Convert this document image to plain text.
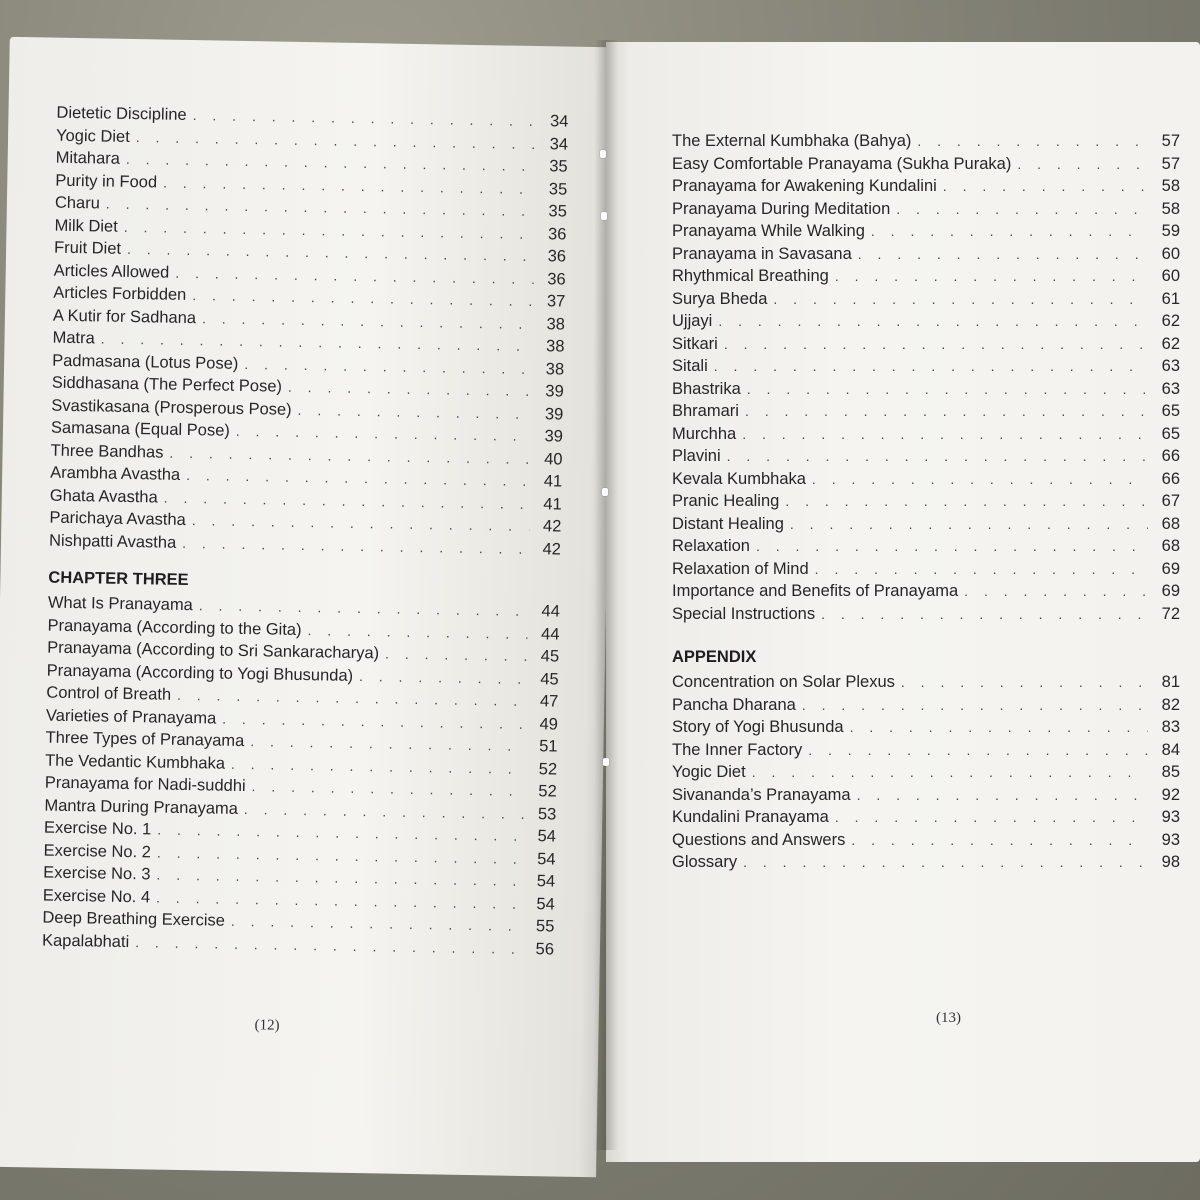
Dietetic Discipline . . .	34
Yogic Diet . . .	34
Mitahara . . .	35
Purity in Food . . .	35
Charu . . .	35
Milk Diet . . .	36
Fruit Diet . . .	36
Articles Allowed . . .	36
Articles Forbidden . . .	37
A Kutir for Sadhana . . .	38
Matra . . .	38
Padmasana (Lotus Pose) . . .	38
Siddhasana (The Perfect Pose) . . .	39
Svastikasana (Prosperous Pose) . . .	39
Samasana (Equal Pose) . . .	39
Three Bandhas . . .	40
Arambha Avastha . . .	41
Ghata Avastha . . .	41
Parichaya Avastha . . .	42
Nishpatti Avastha . . .	42
CHAPTER THREE
What Is Pranayama . . .	44
Pranayama (According to the Gita) . . .	44
Pranayama (According to Sri Sankaracharya) . . .	45
Pranayama (According to Yogi Bhusunda) . . .	45
Control of Breath . . .	47
Varieties of Pranayama . . .	49
Three Types of Pranayama . . .	51
The Vedantic Kumbhaka . . .	52
Pranayama for Nadi-suddhi . . .	52
Mantra During Pranayama . . .	53
Exercise No. 1 . . .	54
Exercise No. 2 . . .	54
Exercise No. 3 . . .	54
Exercise No. 4 . . .	54
Deep Breathing Exercise . . .	55
Kapalabhati . . .	56
(12)
The External Kumbhaka (Bahya) . . .	57
Easy Comfortable Pranayama (Sukha Puraka) . . .	57
Pranayama for Awakening Kundalini . . .	58
Pranayama During Meditation . . .	58
Pranayama While Walking . . .	59
Pranayama in Savasana . . .	60
Rhythmical Breathing . . .	60
Surya Bheda . . .	61
Ujjayi . . .	62
Sitkari . . .	62
Sitali . . .	63
Bhastrika . . .	63
Bhramari . . .	65
Murchha . . .	65
Plavini . . .	66
Kevala Kumbhaka . . .	66
Pranic Healing . . .	67
Distant Healing . . .	68
Relaxation . . .	68
Relaxation of Mind . . .	69
Importance and Benefits of Pranayama . . .	69
Special Instructions . . .	72
APPENDIX
Concentration on Solar Plexus . . .	81
Pancha Dharana . . .	82
Story of Yogi Bhusunda . . .	83
The Inner Factory . . .	84
Yogic Diet . . .	85
Sivananda’s Pranayama . . .	92
Kundalini Pranayama . . .	93
Questions and Answers . . .	93
Glossary . . .	98
(13)
